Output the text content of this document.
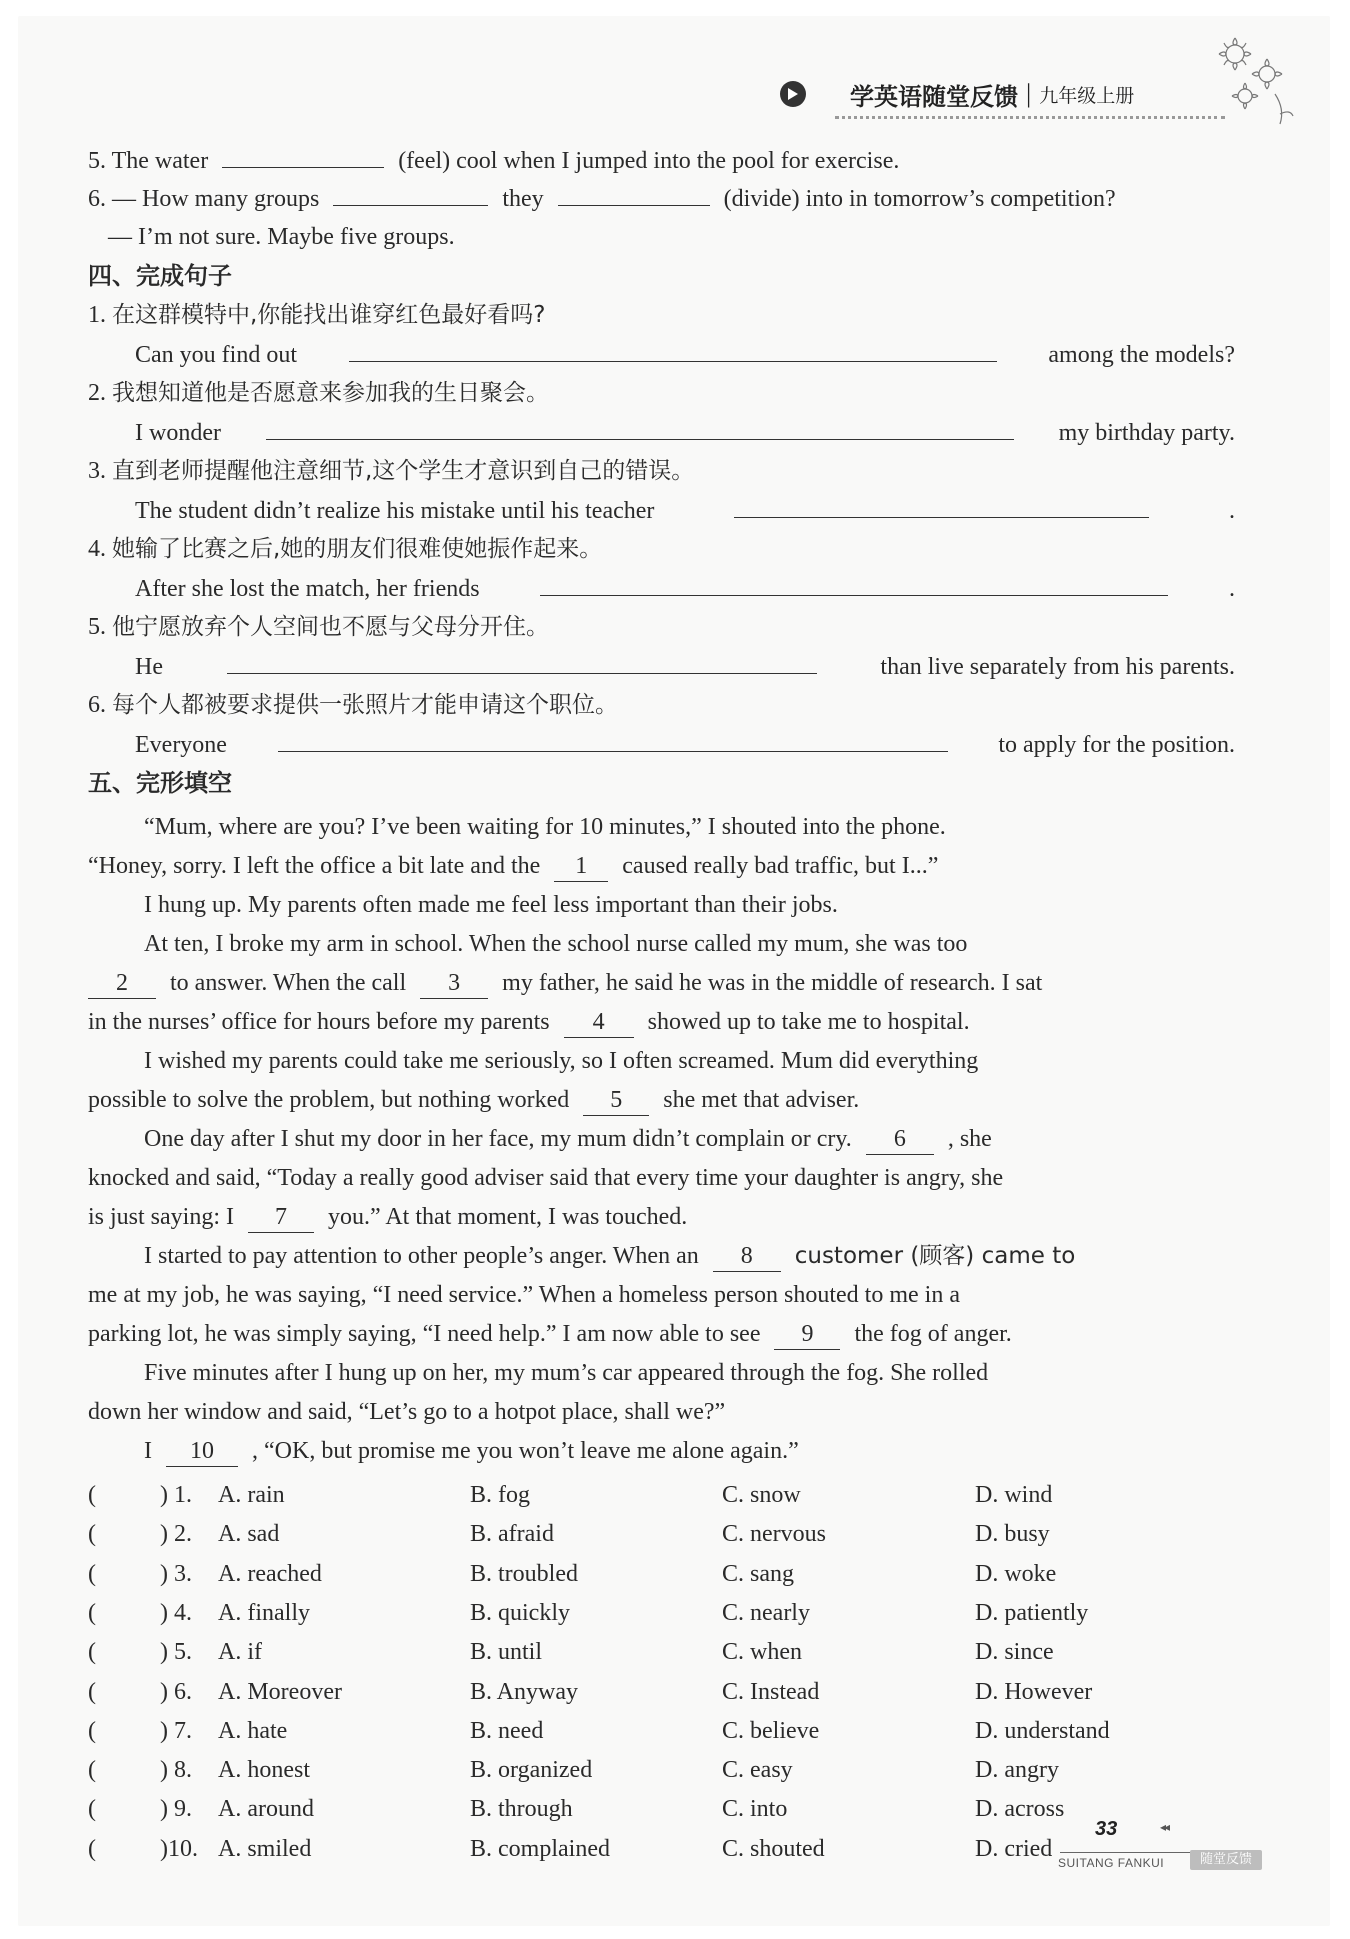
学英语随堂反馈 | 九年级上册
5. The water	(feel) cool when I jumped into the pool for exercise.
6. — How many groups	they	(divide) into in tomorrow’s competition?
— I’m not sure. Maybe five groups.
四、完成句子
1. 在这群模特中,你能找出谁穿红色最好看吗?
Can you find out	among the models?
2. 我想知道他是否愿意来参加我的生日聚会。
I wonder	my birthday party.
3. 直到老师提醒他注意细节,这个学生才意识到自己的错误。
The student didn’t realize his mistake until his teacher	.
4. 她输了比赛之后,她的朋友们很难使她振作起来。
After she lost the match, her friends	.
5. 他宁愿放弃个人空间也不愿与父母分开住。
He	than live separately from his parents.
6. 每个人都被要求提供一张照片才能申请这个职位。
Everyone	to apply for the position.
五、完形填空
“Mum, where are you? I’ve been waiting for 10 minutes,” I shouted into the phone.
“Honey, sorry. I left the office a bit late and the 1 caused really bad traffic, but I...”
I hung up. My parents often made me feel less important than their jobs.
At ten, I broke my arm in school. When the school nurse called my mum, she was too
2 to answer. When the call 3 my father, he said he was in the middle of research. I sat
in the nurses’ office for hours before my parents 4 showed up to take me to hospital.
I wished my parents could take me seriously, so I often screamed. Mum did everything
possible to solve the problem, but nothing worked 5 she met that adviser.
One day after I shut my door in her face, my mum didn’t complain or cry. 6 , she
knocked and said, “Today a really good adviser said that every time your daughter is angry, she
is just saying: I 7 you.” At that moment, I was touched.
I started to pay attention to other people’s anger. When an 8 customer (顾客) came to
me at my job, he was saying, “I need service.” When a homeless person shouted to me in a
parking lot, he was simply saying, “I need help.” I am now able to see 9 the fog of anger.
Five minutes after I hung up on her, my mum’s car appeared through the fog. She rolled
down her window and said, “Let’s go to a hotpot place, shall we?”
I 10 , “OK, but promise me you won’t leave me alone again.”
(	) 1. A. rain	B. fog	C. snow	D. wind
(	) 2. A. sad	B. afraid	C. nervous	D. busy
(	) 3. A. reached	B. troubled	C. sang	D. woke
(	) 4. A. finally	B. quickly	C. nearly	D. patiently
(	) 5. A. if	B. until	C. when	D. since
(	) 6. A. Moreover	B. Anyway	C. Instead	D. However
(	) 7. A. hate	B. need	C. believe	D. understand
(	) 8. A. honest	B. organized	C. easy	D. angry
(	) 9. A. around	B. through	C. into	D. across
(	)10. A. smiled	B. complained	C. shouted	D. cried
33	◂◂
SUITANG FANKUI	随堂反馈
